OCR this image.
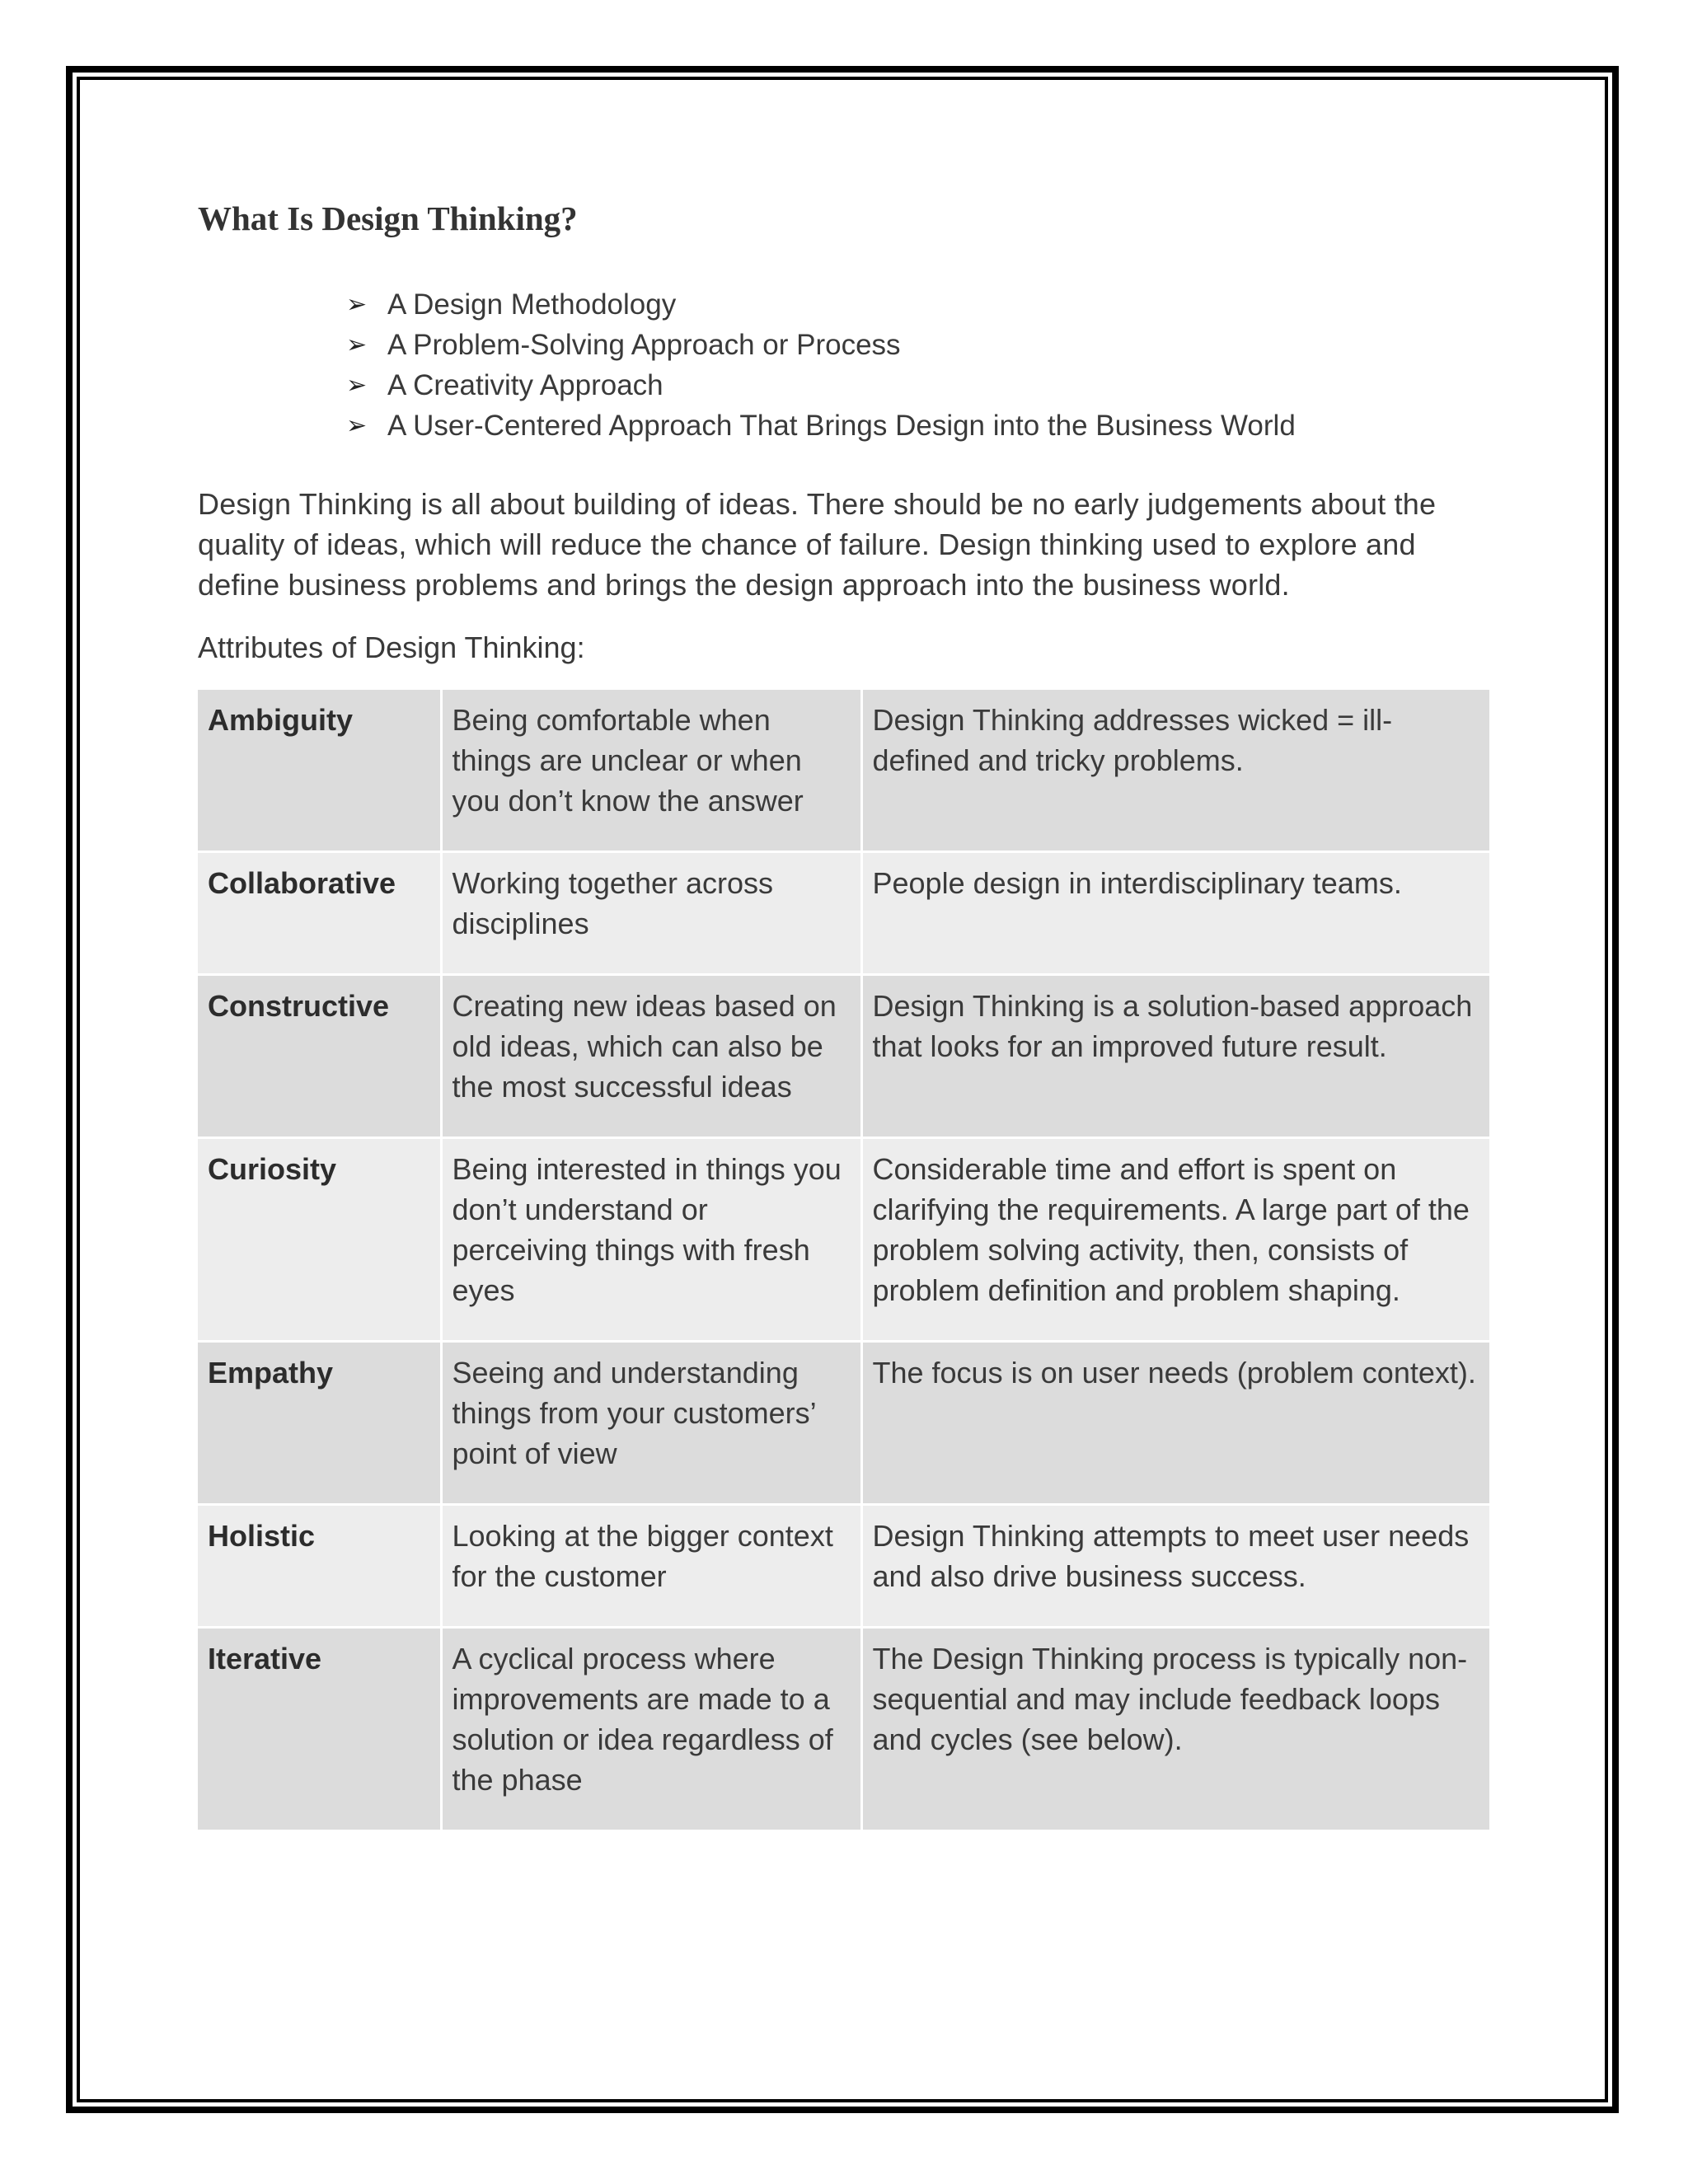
What Is Design Thinking?
➢ A Design Methodology
➢ A Problem-Solving Approach or Process
➢ A Creativity Approach
➢ A User-Centered Approach That Brings Design into the Business World

Design Thinking is all about building of ideas. There should be no early judgements about the quality of ideas, which will reduce the chance of failure. Design thinking used to explore and define business problems and brings the design approach into the business world.

Attributes of Design Thinking:

Ambiguity	Being comfortable when things are unclear or when you don’t know the answer	Design Thinking addresses wicked = ill-defined and tricky problems.
Collaborative	Working together across disciplines	People design in interdisciplinary teams.
Constructive	Creating new ideas based on old ideas, which can also be the most successful ideas	Design Thinking is a solution-based approach that looks for an improved future result.
Curiosity	Being interested in things you don’t understand or perceiving things with fresh eyes	Considerable time and effort is spent on clarifying the requirements. A large part of the problem solving activity, then, consists of problem definition and problem shaping.
Empathy	Seeing and understanding things from your customers’ point of view	The focus is on user needs (problem context).
Holistic	Looking at the bigger context for the customer	Design Thinking attempts to meet user needs and also drive business success.
Iterative	A cyclical process where improvements are made to a solution or idea regardless of the phase	The Design Thinking process is typically non-sequential and may include feedback loops and cycles (see below).
